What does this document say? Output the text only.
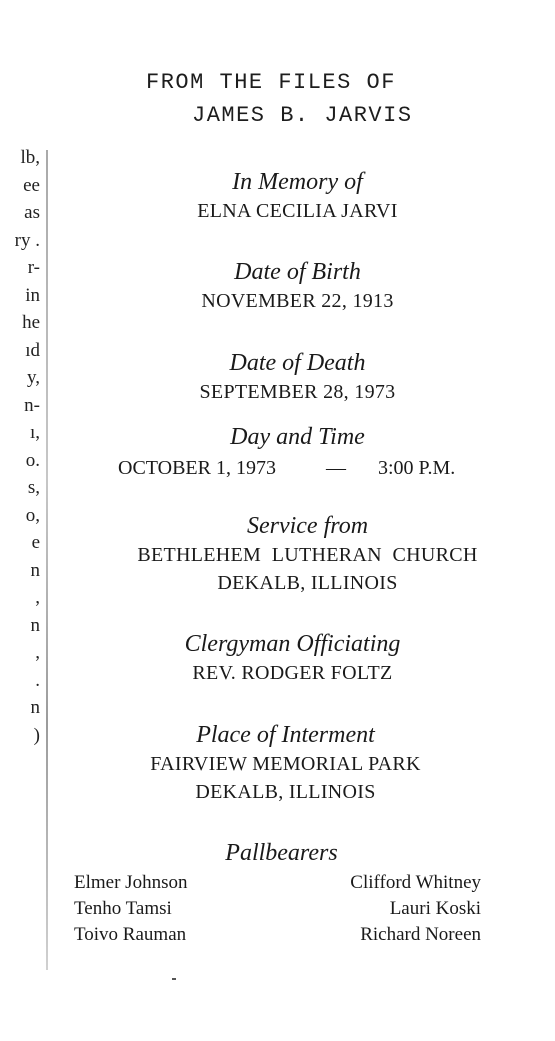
lb,
ee
as
ry .
r-
in
he
ıd
y,
n-
ı,
o.
s,
o,
e
n
,
n
,
.
n
)
FROM THE FILES OF
JAMES B. JARVIS
In Memory of
ELNA CECILIA JARVI
Date of Birth
NOVEMBER 22, 1913
Date of Death
SEPTEMBER 28, 1973
Day and Time
OCTOBER 1, 1973	— 3:00 P.M.
Service from
BETHLEHEM  LUTHERAN  CHURCH
DEKALB, ILLINOIS
Clergyman Officiating
REV. RODGER FOLTZ
Place of Interment
FAIRVIEW MEMORIAL PARK
DEKALB, ILLINOIS
Pallbearers
Elmer Johnson
Tenho Tamsi
Toivo Rauman
Clifford Whitney
Lauri Koski
Richard Noreen
